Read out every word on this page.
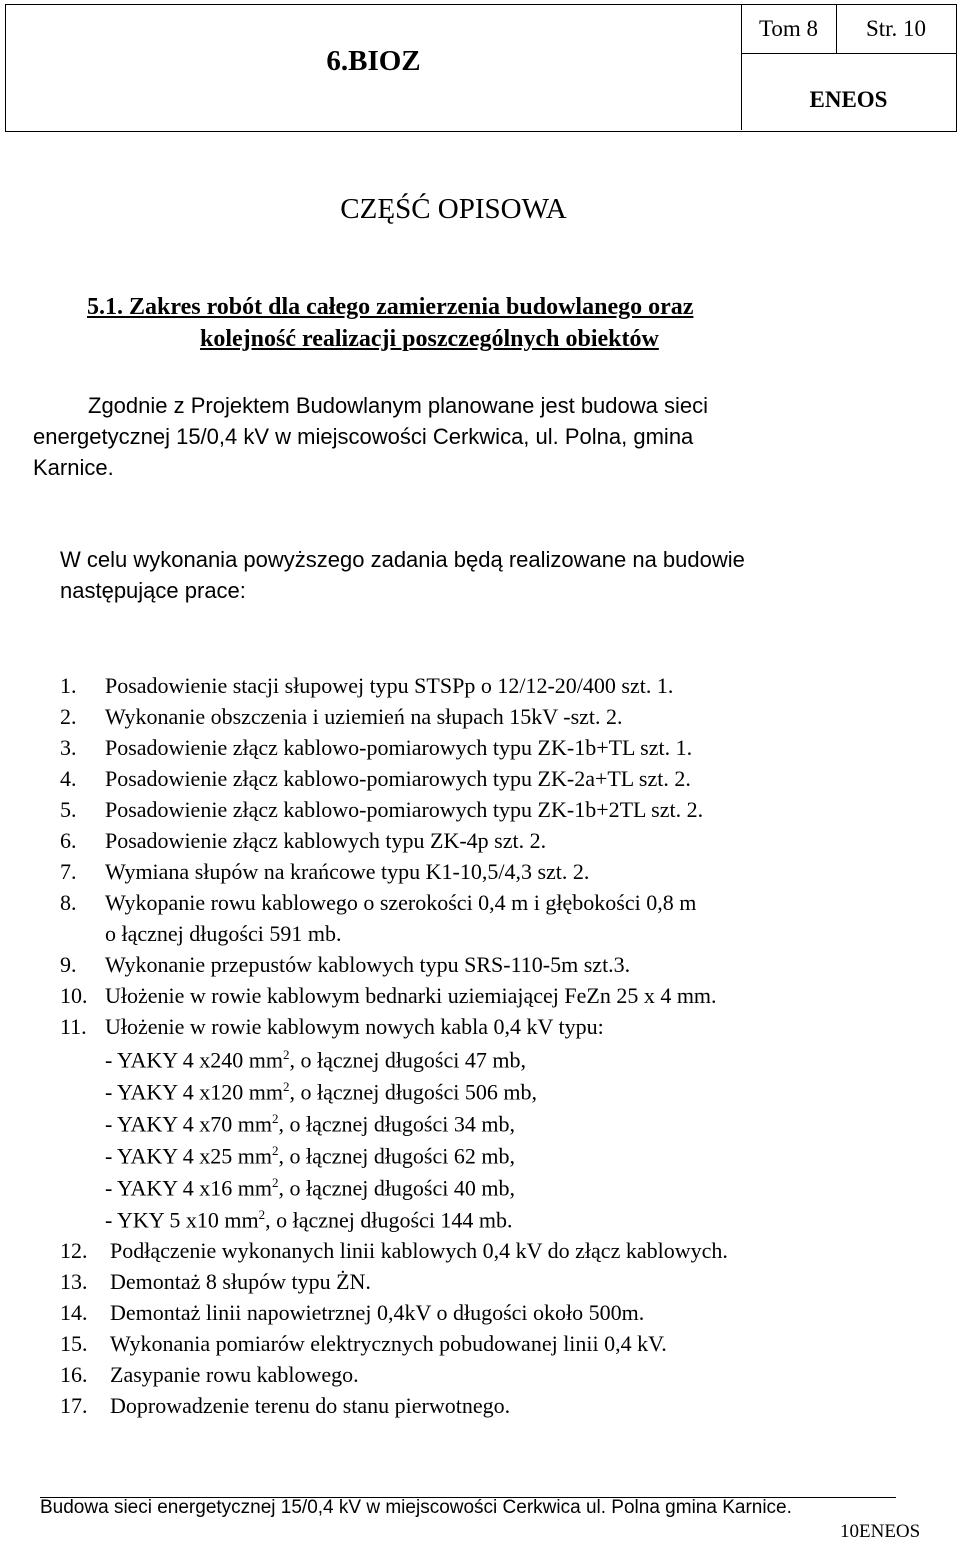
6.BIOZ
Tom 8	Str. 10
ENEOS
CZĘŚĆ OPISOWA
5.1. Zakres robót dla całego zamierzenia budowlanego oraz
kolejność realizacji poszczególnych obiektów
Zgodnie z Projektem Budowlanym planowane jest budowa sieci
energetycznej 15/0,4 kV w miejscowości Cerkwica, ul. Polna, gmina
Karnice.
W celu wykonania powyższego zadania będą realizowane na budowie
następujące prace:
1. Posadowienie stacji słupowej typu STSPp o 12/12-20/400 szt. 1.
2. Wykonanie obszczenia i uziemień na słupach 15kV -szt. 2.
3. Posadowienie złącz kablowo-pomiarowych typu ZK-1b+TL szt. 1.
4. Posadowienie złącz kablowo-pomiarowych typu ZK-2a+TL szt. 2.
5. Posadowienie złącz kablowo-pomiarowych typu ZK-1b+2TL szt. 2.
6. Posadowienie złącz kablowych typu ZK-4p szt. 2.
7. Wymiana słupów na krańcowe typu K1-10,5/4,3 szt. 2.
8. Wykopanie rowu kablowego o szerokości 0,4 m i głębokości 0,8 m
o łącznej długości 591 mb.
9. Wykonanie przepustów kablowych typu SRS-110-5m szt.3.
10. Ułożenie w rowie kablowym bednarki uziemiającej FeZn 25 x 4 mm.
11. Ułożenie w rowie kablowym nowych kabla 0,4 kV typu:
- YAKY 4 x240 $mm^2$, o łącznej długości 47 mb,
- YAKY 4 x120 $mm^2$, o łącznej długości 506 mb,
- YAKY 4 x70 $mm^2$, o łącznej długości 34 mb,
- YAKY 4 x25 $mm^2$, o łącznej długości 62 mb,
- YAKY 4 x16 $mm^2$, o łącznej długości 40 mb,
- YKY 5 x10 $mm^2$, o łącznej długości 144 mb.
12. Podłączenie wykonanych linii kablowych 0,4 kV do złącz kablowych.
13. Demontaż 8 słupów typu ŻN.
14. Demontaż linii napowietrznej 0,4kV o długości około 500m.
15. Wykonania pomiarów elektrycznych pobudowanej linii 0,4 kV.
16. Zasypanie rowu kablowego.
17. Doprowadzenie terenu do stanu pierwotnego.
Budowa sieci energetycznej 15/0,4 kV w miejscowości Cerkwica ul. Polna gmina Karnice.
10ENEOS
